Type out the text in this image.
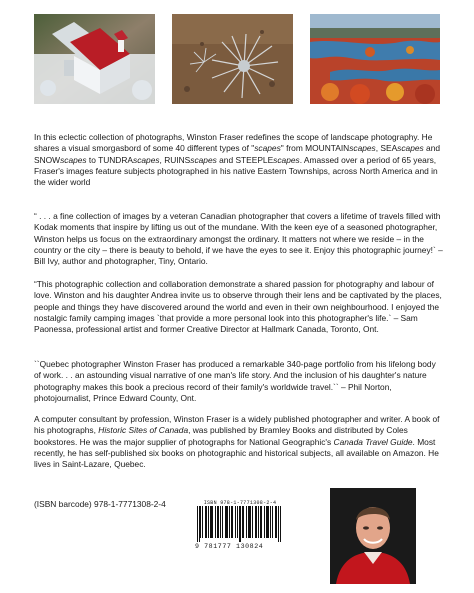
In this eclectic collection of photographs, Winston Fraser redefines the scope of landscape photography. He shares a visual smorgasbord of some 40 different types of "scapes" from MOUNTAINscapes, SEAscapes and SNOWscapes to TUNDRAscapes, RUINSscapes and STEEPLEscapes. Amassed over a period of 65 years, Fraser's images feature subjects photographed in his native Eastern Townships, across North America and in the wider world

“ . . . a fine collection of images by a veteran Canadian photographer that covers a lifetime of travels filled with Kodak moments that inspire by lifting us out of the mundane. With the keen eye of a seasoned photographer, Winston helps us focus on the extraordinary amongst the ordinary. It matters not where we reside – in the country or the city – there is beauty to behold, if we have the eyes to see it. Enjoy this photographic journey!` – Bill Ivy, author and photographer, Tiny, Ontario.

“This photographic collection and collaboration demonstrate a shared passion for photography and labour of love. Winston and his daughter Andrea invite us to observe through their lens and be captivated by the places, people and things they have discovered around the world and even in their own neighbourhood. I enjoyed the nostalgic family camping images `that provide a more personal look into this photographer's life.` – Sam Paonessa, professional artist and former Creative Director at Hallmark Canada, Toronto, Ont.

``Quebec photographer Winston Fraser has produced a remarkable 340-page portfolio from his lifelong body of work. . . an astounding visual narrative of one man's life story. And the inclusion of his daughter's nature photography makes this book a precious record of their family's worldwide travel.`` – Phil Norton, photojournalist, Prince Edward County, Ont.

A computer consultant by profession, Winston Fraser is a widely published photographer and writer. A book of his photographs, Historic Sites of Canada, was published by Bramley Books and distributed by Coles bookstores. He was the major supplier of photographs for National Geographic's Canada Travel Guide. Most recently, he has self-published six books on photographic and historical subjects, all available on Amazon. He lives in Saint-Lazare, Quebec.

(ISBN barcode) 978-1-7771308-2-4	ISBN 978-1-7771308-2-4
9 781777 130824
